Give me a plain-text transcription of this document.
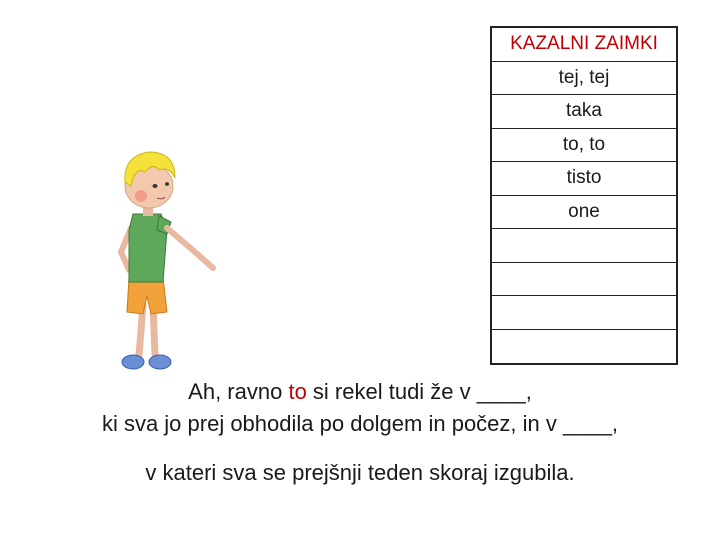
KAZALNI ZAIMKI
tej, tej
taka
to, to
tisto
one
Ah, ravno to si rekel tudi že v ____,
ki sva jo prej obhodila po dolgem in počez, in v ____,
v kateri sva se prejšnji teden skoraj izgubila.
